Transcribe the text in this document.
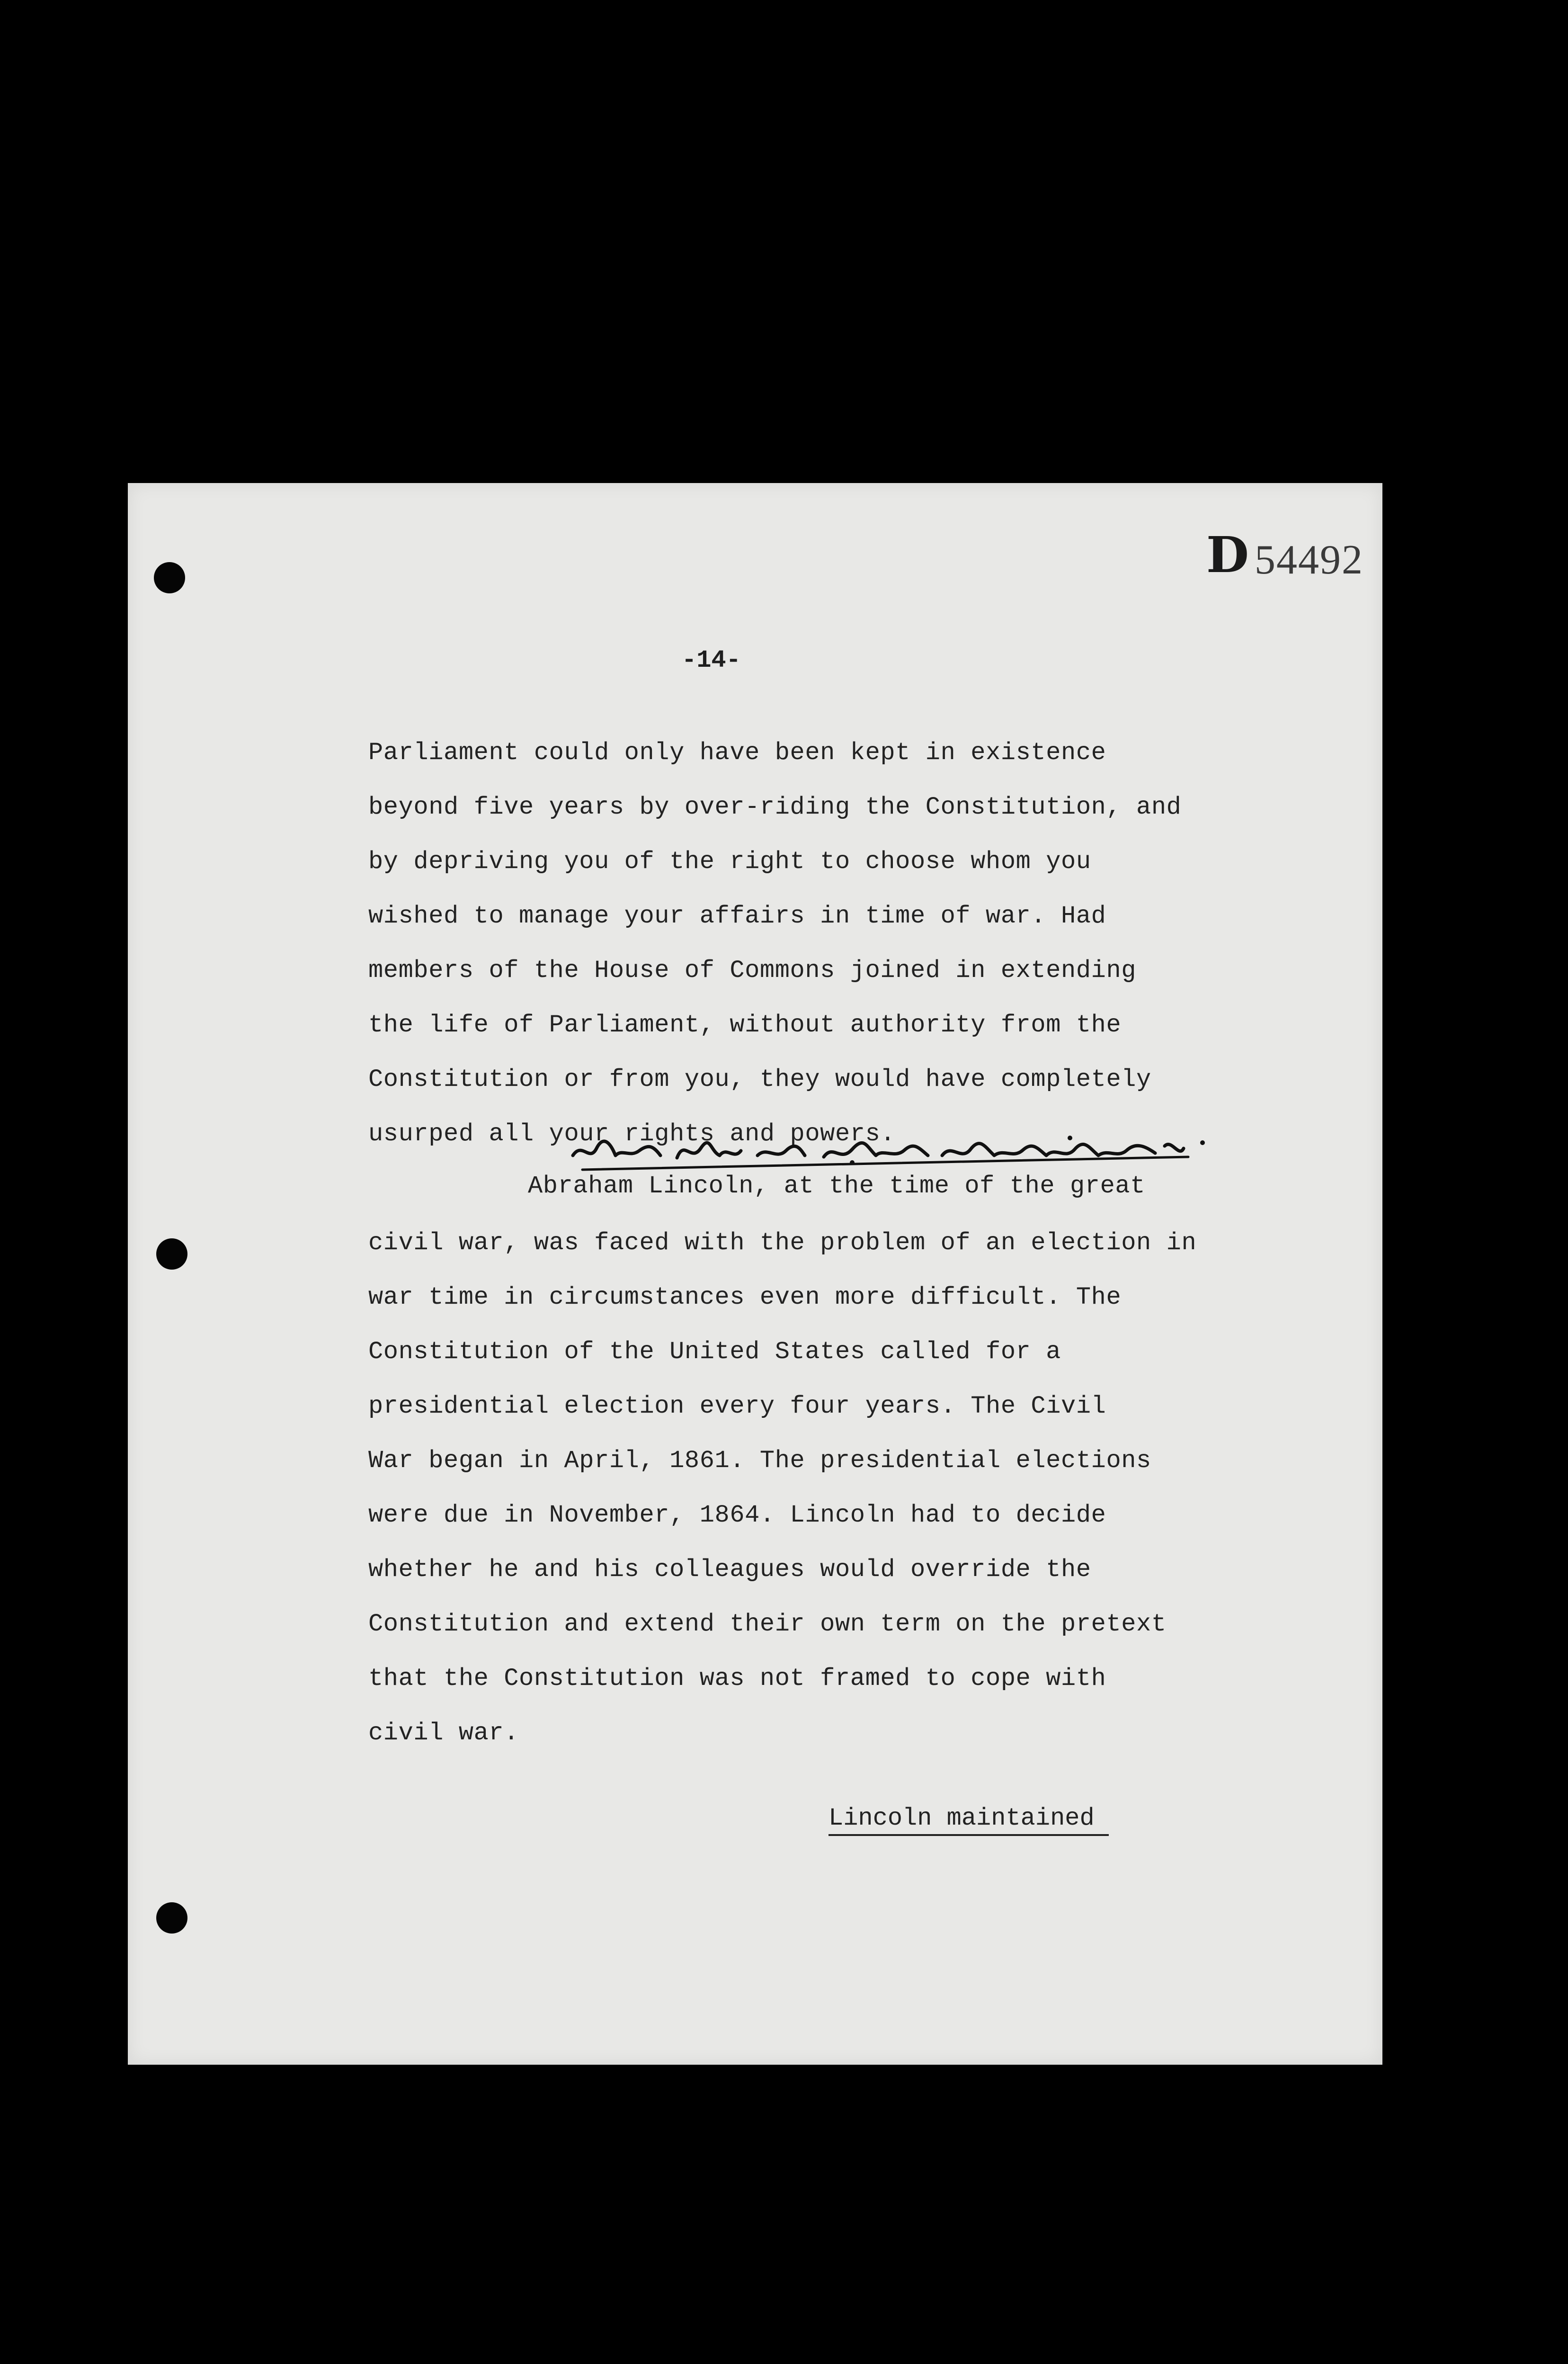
D 54492
-14-
Parliament could only have been kept in existence
beyond five years by over-riding the Constitution, and
by depriving you of the right to choose whom you
wished to manage your affairs in time of war. Had
members of the House of Commons joined in extending
the life of Parliament, without authority from the
Constitution or from you, they would have completely
usurped all your rights and powers.
Abraham Lincoln, at the time of the great
civil war, was faced with the problem of an election in
war time in circumstances even more difficult. The
Constitution of the United States called for a
presidential election every four years. The Civil
War began in April, 1861. The presidential elections
were due in November, 1864. Lincoln had to decide
whether he and his colleagues would override the
Constitution and extend their own term on the pretext
that the Constitution was not framed to cope with
civil war.
Lincoln maintained
